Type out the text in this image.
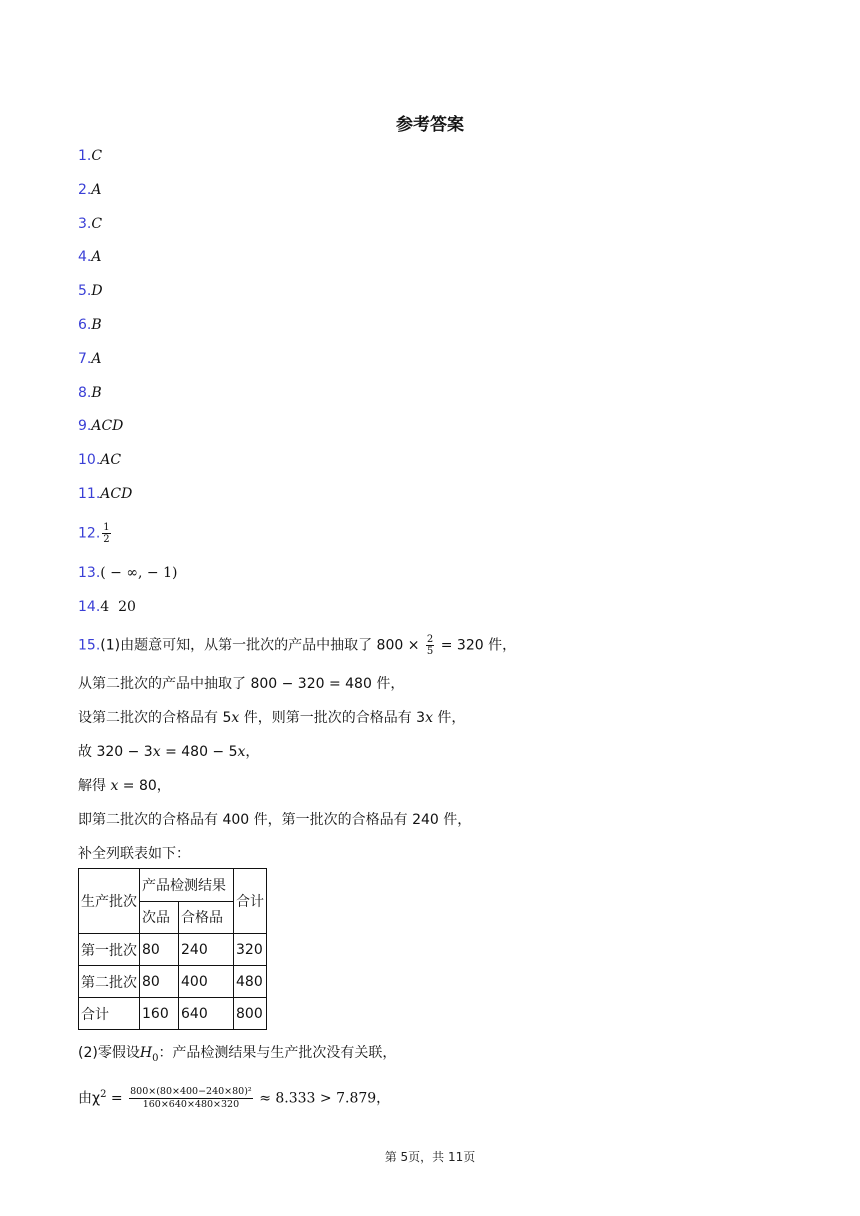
参考答案
1.C
2.A
3.C
4.A
5.D
6.B
7.A
8.B
9.ACD
10.AC
11.ACD
12. $\frac{1}{2}$
13.( − ∞, − 1)
14.4  20
15.(1)由题意可知，从第一批次的产品中抽取了 $800 \times \frac{2}{5} = 320$ 件，
从第二批次的产品中抽取了 800 − 320 = 480 件，
设第二批次的合格品有 5x 件，则第一批次的合格品有 3x 件，
故 320 − 3x = 480 − 5x，
解得 x = 80，
即第二批次的合格品有 400 件，第一批次的合格品有 240 件，
补全列联表如下：
生产批次	产品检测结果		合计
	次品	合格品	
第一批次	80	240	320
第二批次	80	400	480
合计	160	640	800
(2)零假设$H_0$：产品检测结果与生产批次没有关联，
由$\chi^2 = \frac{\text{800×(80×400−240×80)²}}{160\times 640\times 480\times 320} \approx 8.333 > 7.879$，
第 5页，共 11页
